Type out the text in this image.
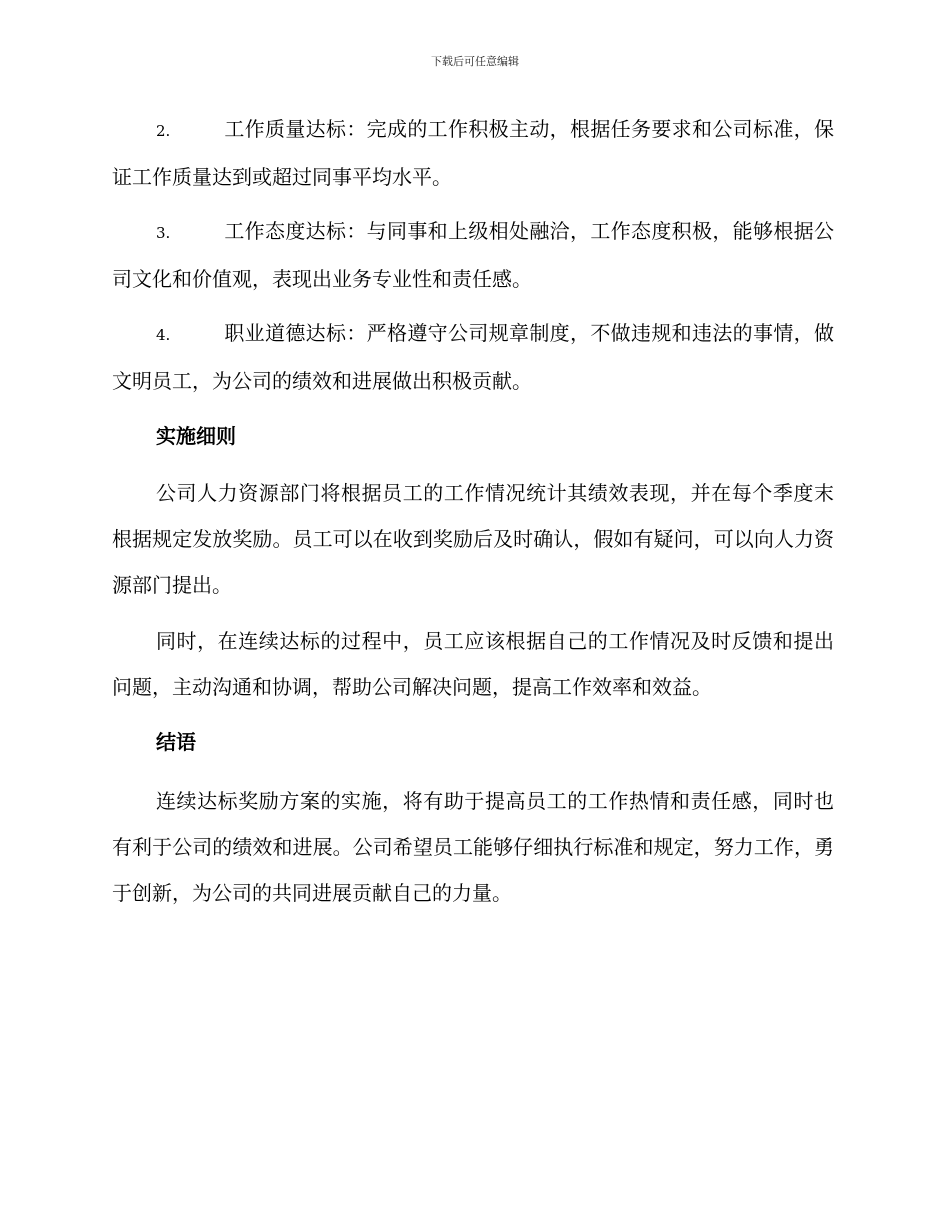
下载后可任意编辑

2.	工作质量达标：完成的工作积极主动，根据任务要求和公司标准，保证工作质量达到或超过同事平均水平。

3.	工作态度达标：与同事和上级相处融洽，工作态度积极，能够根据公司文化和价值观，表现出业务专业性和责任感。

4.	职业道德达标：严格遵守公司规章制度，不做违规和违法的事情，做文明员工，为公司的绩效和进展做出积极贡献。

实施细则

公司人力资源部门将根据员工的工作情况统计其绩效表现，并在每个季度末根据规定发放奖励。员工可以在收到奖励后及时确认，假如有疑问，可以向人力资源部门提出。

同时，在连续达标的过程中，员工应该根据自己的工作情况及时反馈和提出问题，主动沟通和协调，帮助公司解决问题，提高工作效率和效益。

结语

连续达标奖励方案的实施，将有助于提高员工的工作热情和责任感，同时也有利于公司的绩效和进展。公司希望员工能够仔细执行标准和规定，努力工作，勇于创新，为公司的共同进展贡献自己的力量。
